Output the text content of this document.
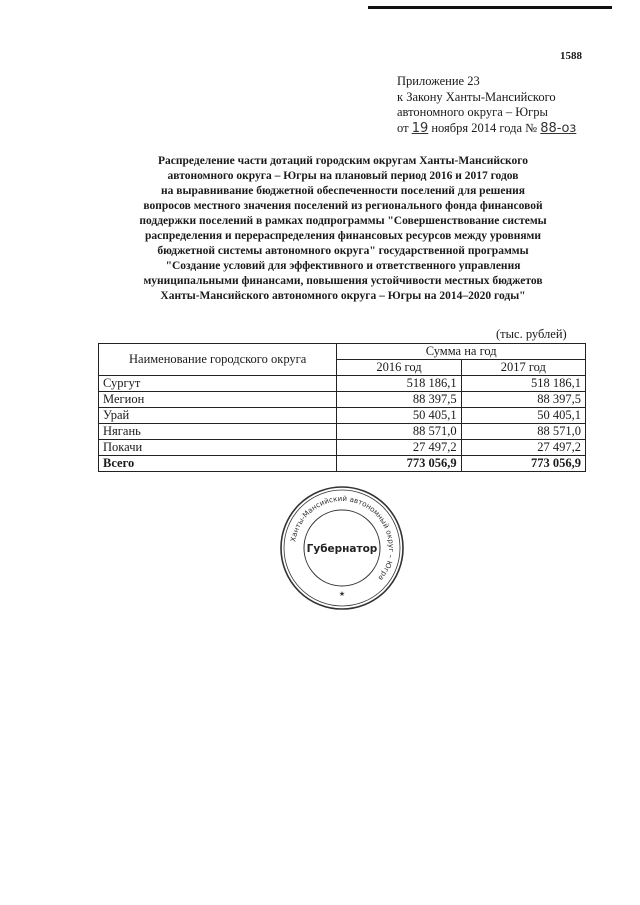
1588
Приложение 23
к Закону Ханты-Мансийского
автономного округа – Югры
от 19 ноября 2014 года № 88-оз
Распределение части дотаций городским округам Ханты-Мансийского
автономного округа – Югры на плановый период 2016 и 2017 годов
на выравнивание бюджетной обеспеченности поселений для решения
вопросов местного значения поселений из регионального фонда финансовой
поддержки поселений в рамках подпрограммы "Совершенствование системы
распределения и перераспределения финансовых ресурсов между уровнями
бюджетной системы автономного округа" государственной программы
"Создание условий для эффективного и ответственного управления
муниципальными финансами, повышения устойчивости местных бюджетов
Ханты-Мансийского автономного округа – Югры на 2014–2020 годы"
(тыс. рублей)
Наименование городского округа	Сумма на год	
	2016 год	2017 год
Сургут	518 186,1	518 186,1
Мегион	88 397,5	88 397,5
Урай	50 405,1	50 405,1
Нягань	88 571,0	88 571,0
Покачи	27 497,2	27 497,2
Всего	773 056,9	773 056,9
Ханты-Мансийский автономный округ – Югра
Губернатор
★
